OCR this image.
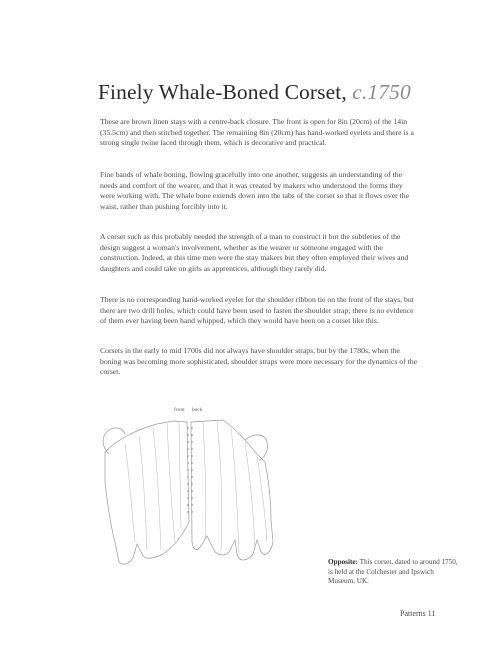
Finely Whale-Boned Corset, c.1750

These are brown linen stays with a centre-back closure. The front is open for 8in (20cm) of the 14in (35.5cm) and then stitched together. The remaining 8in (20cm) has hand-worked eyelets and there is a strong single twine laced through them, which is decorative and practical.

Fine bands of whale boning, flowing gracefully into one another, suggests an understanding of the needs and comfort of the wearer, and that it was created by makers who understood the forms they were working with. The whale bone extends down into the tabs of the corset so that it flows over the waist, rather than pushing forcibly into it.

A corset such as this probably needed the strength of a man to construct it but the subtleties of the design suggest a woman's involvement, whether as the wearer or someone engaged with the construction. Indeed, at this time men were the stay makers but they often employed their wives and daughters and could take on girls as apprentices, although they rarely did.

There is no corresponding hand-worked eyelet for the shoulder ribbon tie on the front of the stays, but there are two drill holes, which could have been used to fasten the shoulder strap; there is no evidence of them ever having been hand whipped, which they would have been on a corset like this.

Corsets in the early to mid 1700s did not always have shoulder straps, but by the 1780s, when the boning was becoming more sophisticated, shoulder straps were more necessary for the dynamics of the corset.

front back

Opposite: This corset, dated to around 1750, is held at the Colchester and Ipswich Museum, UK.

Patterns 11
